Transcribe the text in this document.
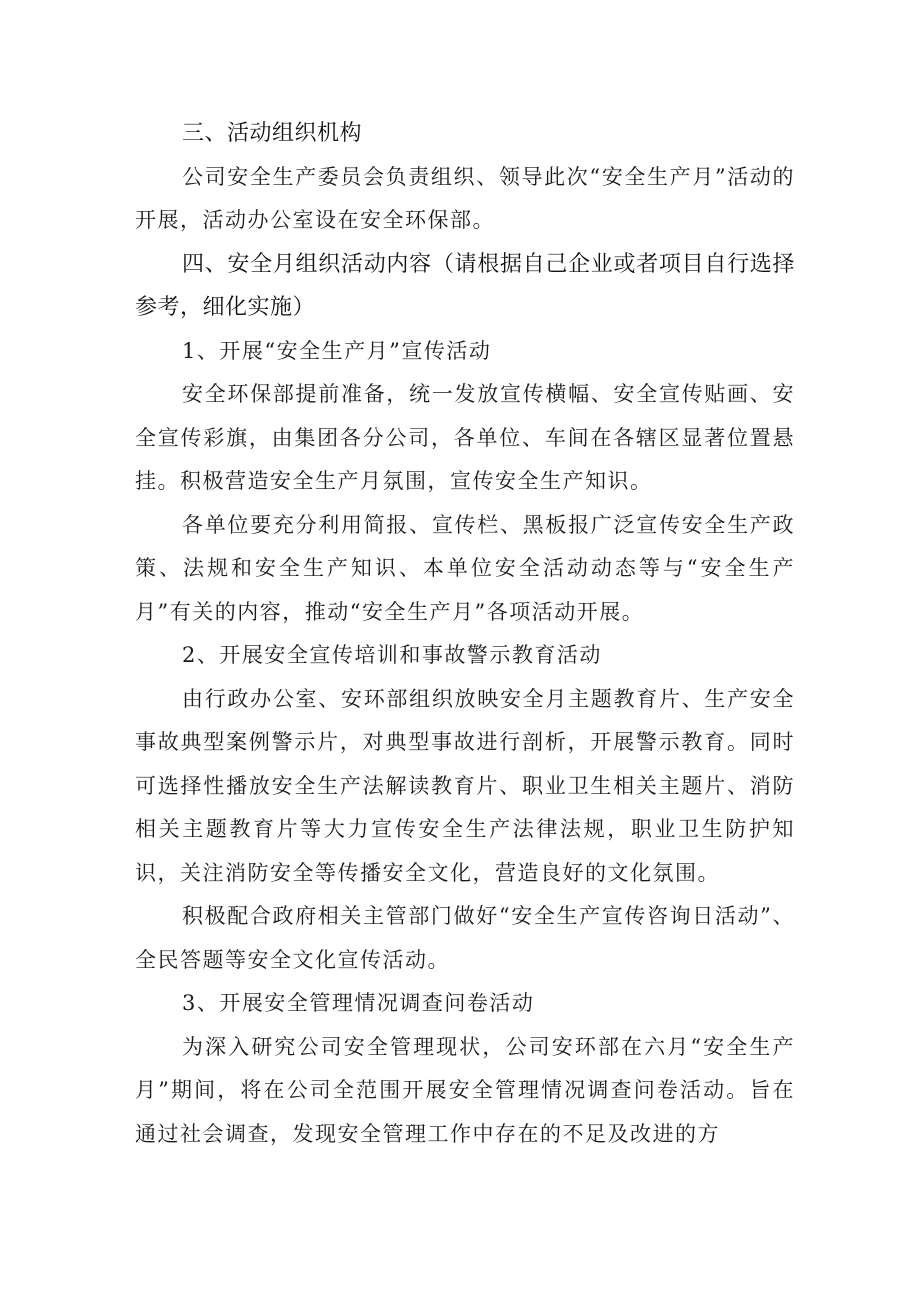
三、活动组织机构

公司安全生产委员会负责组织、领导此次“安全生产月”活动的开展，活动办公室设在安全环保部。

四、安全月组织活动内容（请根据自己企业或者项目自行选择参考，细化实施）

1、开展“安全生产月”宣传活动

安全环保部提前准备，统一发放宣传横幅、安全宣传贴画、安全宣传彩旗，由集团各分公司，各单位、车间在各辖区显著位置悬挂。积极营造安全生产月氛围，宣传安全生产知识。

各单位要充分利用简报、宣传栏、黑板报广泛宣传安全生产政策、法规和安全生产知识、本单位安全活动动态等与“安全生产月”有关的内容，推动“安全生产月”各项活动开展。

2、开展安全宣传培训和事故警示教育活动

由行政办公室、安环部组织放映安全月主题教育片、生产安全事故典型案例警示片，对典型事故进行剖析，开展警示教育。同时可选择性播放安全生产法解读教育片、职业卫生相关主题片、消防相关主题教育片等大力宣传安全生产法律法规，职业卫生防护知识，关注消防安全等传播安全文化，营造良好的文化氛围。

积极配合政府相关主管部门做好“安全生产宣传咨询日活动”、全民答题等安全文化宣传活动。

3、开展安全管理情况调查问卷活动

为深入研究公司安全管理现状，公司安环部在六月“安全生产月”期间，将在公司全范围开展安全管理情况调查问卷活动。旨在通过社会调查，发现安全管理工作中存在的不足及改进的方
